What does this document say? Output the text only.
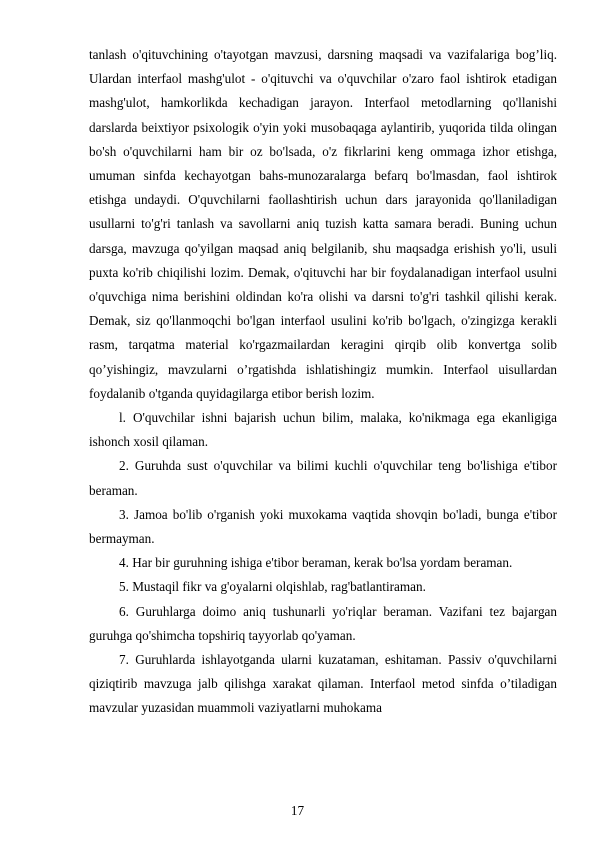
tanlash o'qituvchining o'tayotgan mavzusi, darsning maqsadi va vazifalariga bog’liq. Ulardan interfaol mashg'ulot - o'qituvchi va o'quvchilar o'zaro faol ishtirok etadigan mashg'ulot, hamkorlikda kechadigan jarayon. Interfaol metodlarning qo'llanishi darslarda beixtiyor psixologik o'yin yoki musobaqaga aylantirib, yuqorida tilda olingan bo'sh o'quvchilarni ham bir oz bo'lsada, o'z fikrlarini keng ommaga izhor etishga, umuman sinfda kechayotgan bahs-munozaralarga befarq bo'lmasdan, faol ishtirok etishga undaydi. O'quvchilarni faollashtirish uchun dars jarayonida qo'llaniladigan usullarni to'g'ri tanlash va savollarni aniq tuzish katta samara beradi. Buning uchun darsga, mavzuga qo'yilgan maqsad aniq belgilanib, shu maqsadga erishish yo'li, usuli puxta ko'rib chiqilishi lozim. Demak, o'qituvchi har bir foydalanadigan interfaol usulni o'quvchiga nima berishini oldindan ko'ra olishi va darsni to'g'ri tashkil qilishi kerak. Demak, siz qo'llanmoqchi bo'lgan interfaol usulini ko'rib bo'lgach, o'zingizga kerakli rasm, tarqatma material ko'rgazmailardan keragini qirqib olib konvertga solib qo’yishingiz, mavzularni o’rgatishda ishlatishingiz mumkin. Interfaol uisullardan foydalanib o'tganda quyidagilarga etibor berish lozim.

l. O'quvchilar ishni bajarish uchun bilim, malaka, ko'nikmaga ega ekanligiga ishonch xosil qilaman.

2. Guruhda sust o'quvchilar va bilimi kuchli o'quvchilar teng bo'lishiga e'tibor beraman.

3. Jamoa bo'lib o'rganish yoki muxokama vaqtida shovqin bo'ladi, bunga e'tibor bermayman.

4. Har bir guruhning ishiga e'tibor beraman, kerak bo'lsa yordam beraman.

5. Mustaqil fikr va g'oyalarni olqishlab, rag'batlantiraman.

6. Guruhlarga doimo aniq tushunarli yo'riqlar beraman. Vazifani tez bajargan guruhga qo'shimcha topshiriq tayyorlab qo'yaman.

7. Guruhlarda ishlayotganda ularni kuzataman, eshitaman. Passiv o'quvchilarni qiziqtirib mavzuga jalb qilishga xarakat qilaman. Interfaol metod sinfda o’tiladigan mavzular yuzasidan muammoli vaziyatlarni muhokama

17
